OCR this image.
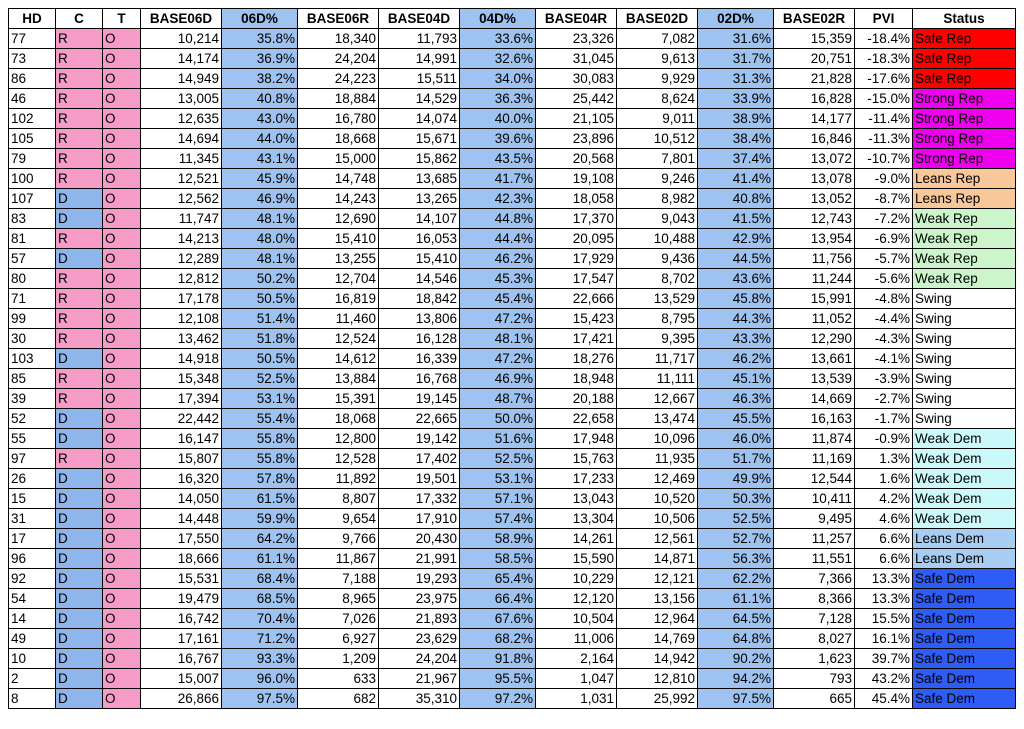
HD	C	T	BASE06D	06D%	BASE06R	BASE04D	04D%	BASE04R	BASE02D	02D%	BASE02R	PVI	Status
77	R	O	10,214	35.8%	18,340	11,793	33.6%	23,326	7,082	31.6%	15,359	-18.4%	Safe Rep
73	R	O	14,174	36.9%	24,204	14,991	32.6%	31,045	9,613	31.7%	20,751	-18.3%	Safe Rep
86	R	O	14,949	38.2%	24,223	15,511	34.0%	30,083	9,929	31.3%	21,828	-17.6%	Safe Rep
46	R	O	13,005	40.8%	18,884	14,529	36.3%	25,442	8,624	33.9%	16,828	-15.0%	Strong Rep
102	R	O	12,635	43.0%	16,780	14,074	40.0%	21,105	9,011	38.9%	14,177	-11.4%	Strong Rep
105	R	O	14,694	44.0%	18,668	15,671	39.6%	23,896	10,512	38.4%	16,846	-11.3%	Strong Rep
79	R	O	11,345	43.1%	15,000	15,862	43.5%	20,568	7,801	37.4%	13,072	-10.7%	Strong Rep
100	R	O	12,521	45.9%	14,748	13,685	41.7%	19,108	9,246	41.4%	13,078	-9.0%	Leans Rep
107	D	O	12,562	46.9%	14,243	13,265	42.3%	18,058	8,982	40.8%	13,052	-8.7%	Leans Rep
83	D	O	11,747	48.1%	12,690	14,107	44.8%	17,370	9,043	41.5%	12,743	-7.2%	Weak Rep
81	R	O	14,213	48.0%	15,410	16,053	44.4%	20,095	10,488	42.9%	13,954	-6.9%	Weak Rep
57	D	O	12,289	48.1%	13,255	15,410	46.2%	17,929	9,436	44.5%	11,756	-5.7%	Weak Rep
80	R	O	12,812	50.2%	12,704	14,546	45.3%	17,547	8,702	43.6%	11,244	-5.6%	Weak Rep
71	R	O	17,178	50.5%	16,819	18,842	45.4%	22,666	13,529	45.8%	15,991	-4.8%	Swing
99	R	O	12,108	51.4%	11,460	13,806	47.2%	15,423	8,795	44.3%	11,052	-4.4%	Swing
30	R	O	13,462	51.8%	12,524	16,128	48.1%	17,421	9,395	43.3%	12,290	-4.3%	Swing
103	D	O	14,918	50.5%	14,612	16,339	47.2%	18,276	11,717	46.2%	13,661	-4.1%	Swing
85	R	O	15,348	52.5%	13,884	16,768	46.9%	18,948	11,111	45.1%	13,539	-3.9%	Swing
39	R	O	17,394	53.1%	15,391	19,145	48.7%	20,188	12,667	46.3%	14,669	-2.7%	Swing
52	D	O	22,442	55.4%	18,068	22,665	50.0%	22,658	13,474	45.5%	16,163	-1.7%	Swing
55	D	O	16,147	55.8%	12,800	19,142	51.6%	17,948	10,096	46.0%	11,874	-0.9%	Weak Dem
97	R	O	15,807	55.8%	12,528	17,402	52.5%	15,763	11,935	51.7%	11,169	1.3%	Weak Dem
26	D	O	16,320	57.8%	11,892	19,501	53.1%	17,233	12,469	49.9%	12,544	1.6%	Weak Dem
15	D	O	14,050	61.5%	8,807	17,332	57.1%	13,043	10,520	50.3%	10,411	4.2%	Weak Dem
31	D	O	14,448	59.9%	9,654	17,910	57.4%	13,304	10,506	52.5%	9,495	4.6%	Weak Dem
17	D	O	17,550	64.2%	9,766	20,430	58.9%	14,261	12,561	52.7%	11,257	6.6%	Leans Dem
96	D	O	18,666	61.1%	11,867	21,991	58.5%	15,590	14,871	56.3%	11,551	6.6%	Leans Dem
92	D	O	15,531	68.4%	7,188	19,293	65.4%	10,229	12,121	62.2%	7,366	13.3%	Safe Dem
54	D	O	19,479	68.5%	8,965	23,975	66.4%	12,120	13,156	61.1%	8,366	13.3%	Safe Dem
14	D	O	16,742	70.4%	7,026	21,893	67.6%	10,504	12,964	64.5%	7,128	15.5%	Safe Dem
49	D	O	17,161	71.2%	6,927	23,629	68.2%	11,006	14,769	64.8%	8,027	16.1%	Safe Dem
10	D	O	16,767	93.3%	1,209	24,204	91.8%	2,164	14,942	90.2%	1,623	39.7%	Safe Dem
2	D	O	15,007	96.0%	633	21,967	95.5%	1,047	12,810	94.2%	793	43.2%	Safe Dem
8	D	O	26,866	97.5%	682	35,310	97.2%	1,031	25,992	97.5%	665	45.4%	Safe Dem
